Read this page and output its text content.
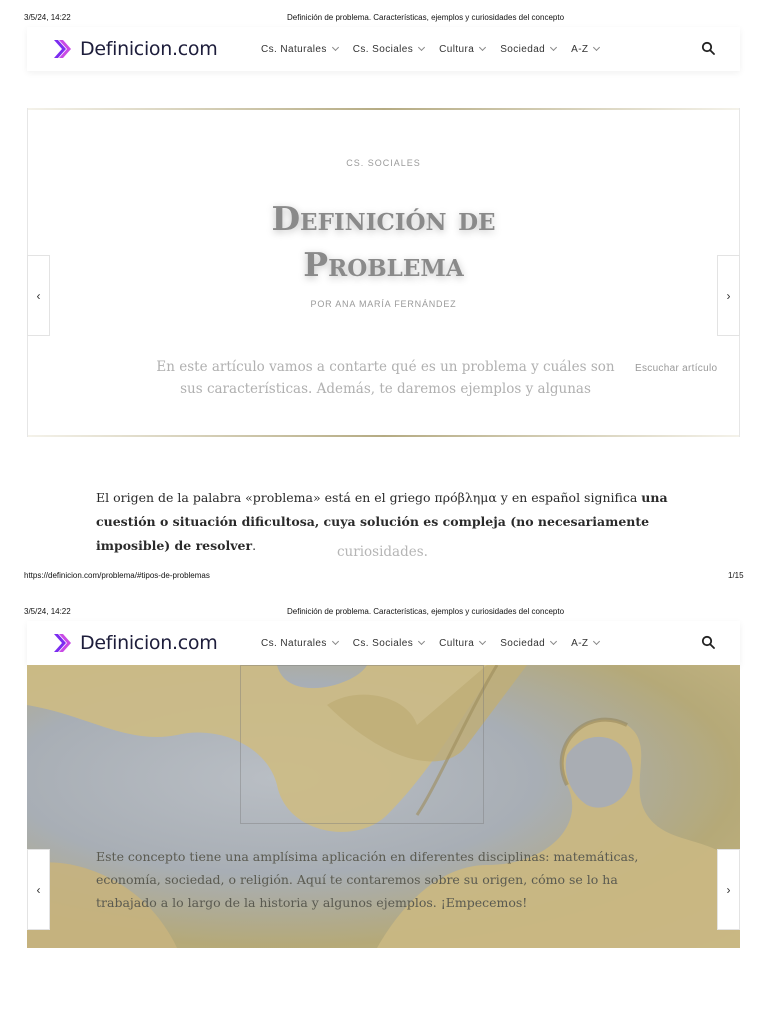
3/5/24, 14:22	Definición de problema. Características, ejemplos y curiosidades del concepto
Definicion.com	Cs. Naturales	Cs. Sociales	Cultura	Sociedad	A-Z
CS. SOCIALES
Definición de
Problema
POR ANA MARÍA FERNÁNDEZ

En este artículo vamos a contarte qué es un problema y cuáles son sus características. Además, te daremos ejemplos y algunas

Escuchar artículo
‹	›

El origen de la palabra «problema» está en el griego πρόβλημα y en español significa una cuestión o situación dificultosa, cuya solución es compleja (no necesariamente imposible) de resolver.	curiosidades.
https://definicion.com/problema/#tipos-de-problemas	1/15
3/5/24, 14:22	Definición de problema. Características, ejemplos y curiosidades del concepto
Definicion.com	Cs. Naturales	Cs. Sociales	Cultura	Sociedad	A-Z

Este concepto tiene una amplísima aplicación en diferentes disciplinas: matemáticas, economía, sociedad, o religión. Aquí te contaremos sobre su origen, cómo se lo ha trabajado a lo largo de la historia y algunos ejemplos. ¡Empecemos!

‹	›
